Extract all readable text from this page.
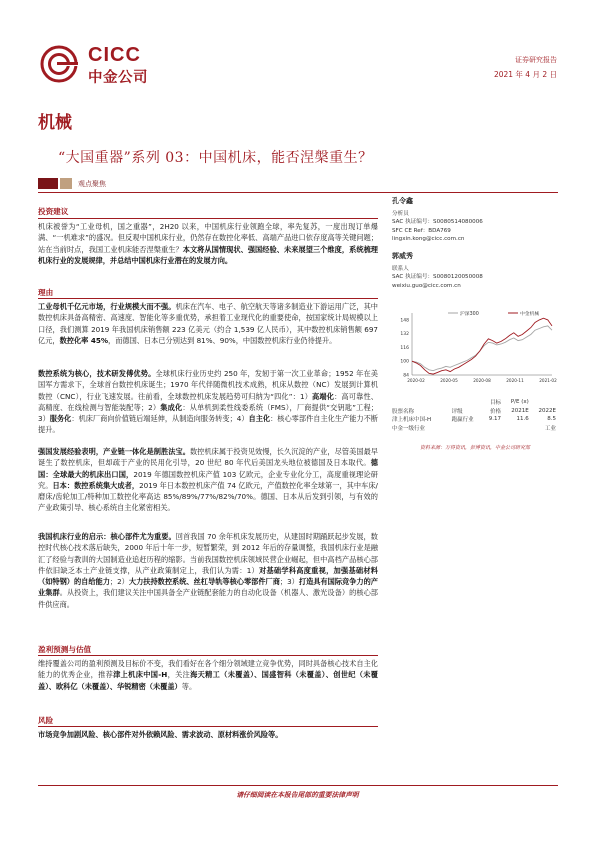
CICC
中金公司
证券研究报告
2021 年 4 月 2 日
机械
“大国重器”系列 03：中国机床，能否涅槃重生？
观点聚焦
投资建议
机床被誉为“工业母机，国之重器”，2H20 以来，中国机床行业领跑全球，率先复苏，一度出现订单爆满、“一机难求”的盛况。但反观中国机床行业，仍然存在数控化率低、高端产品进口依存度高等关键问题；站在当前时点，我国工业机床能否涅槃重生？本文将从国情现状、强国经验、未来展望三个维度，系统梳理机床行业的发展规律，并总结中国机床行业潜在的发展方向。
理由
工业母机千亿元市场，行业规模大而不强。机床在汽车、电子、航空航天等诸多制造业下游运用广泛，其中数控机床具备高精密、高速度、智能化等多重优势，承担着工业现代化的重要使命，按国家统计局规模以上口径，我们测算 2019 年我国机床销售额 223 亿美元（约合 1,539 亿人民币），其中数控机床销售额 697 亿元，数控化率 45%，而德国、日本已分别达到 81%、90%，中国数控机床行业仍待提升。
数控系统为核心，技术研发傅优势。全球机床行业历史约 250 年，发轫于第一次工业革命；1952 年在美国军方需求下，全球首台数控机床诞生；1970 年代伴随微机技术成熟，机床从数控（NC）发展到计算机数控（CNC），行业飞速发展。往前看，全球数控机床发展趋势可归纳为“四化”：1）高端化：高可靠性、高精度、在线检测与智能装配等；2）集成化：从单机到柔性线委系统（FMS），厂商提供“交钥匙”工程；3）服务化：机床厂商向价值链后端延伸，从制造向服务转变；4）自主化：核心零部件自主化生产能力不断提升。
强国发展经验表明，产业链一体化是制胜法宝。数控机床属于投资见效慢，长久沉淀的产业，尽管美国最早诞生了数控机床，但却疏于产业的民用化引导，20 世纪 80 年代后美国龙头地位被德国及日本取代。德国：全球最大的机床出口国，2019 年德国数控机床产值 103 亿欧元，企业专业化分工，高度重视理论研究。日本：数控系统集大成者，2019 年日本数控机床产值 74 亿欧元，产值数控化率全球第一，其中车床/磨床/齿轮加工/特种加工数控化率高达 85%/89%/77%/82%/70%。德国、日本从后发到引领，与有效的产业政策引导、核心系统自主化紧密相关。
我国机床行业的启示：核心部件尤为重要。回首我国 70 余年机床发展历史，从建国时期踊跃起步发展，数控时代核心技术落后缺失，2000 年后十年一步，短暂繁荣，到 2012 年后的存量调整，我国机床行业是融汇了经验与教训的大国制造业追赶历程的缩影。当前我国数控机床领域民营企业崛起，但中高档产品核心部件依旧缺乏本土产业链支撑，从产业政策制定上，我们认为需：1）对基础学科高度重视，加强基础材料（如特钢）的自给能力；2）大力扶持数控系统、丝杠导轨等核心零部件厂商；3）打造具有国际竞争力的产业集群。从投资上，我们建议关注中国具备全产业链配套能力的自动化设备（机器人、激光设备）的核心部件供应商。
盈利预测与估值
维持覆盖公司的盈利预测及目标价不变，我们看好在各个细分领域建立竞争优势，同时具备核心技术自主化能力的优秀企业，推荐津上机床中国-H，关注海天精工（未覆盖）、国盛智科（未覆盖）、创世纪（未覆盖）、欧科亿（未覆盖）、华锐精密（未覆盖）等。
风险
市场竞争加剧风险、核心部件对外依赖风险、需求波动、原材料涨价风险等。
孔令鑫
分析员
SAC 执证编号：S0080514080006
SFC CE Ref：BDA769
lingxin.kong@cicc.com.cn
郭威秀
联系人
SAC 执证编号：S0080120050008
weixiu.guo@cicc.com.cn
84
100
116
132
148
2020-02	2020-05	2020-08	2020-11	2021-02
沪深300	中金机械
			目标	P/E (x)	
股票名称		评级	价格	2021E	2022E
津上机床中国-H		跑赢行业	9.17	11.6	8.5
中金一级行业					工业
资料来源：万得资讯，彭博资讯，中金公司研究部
请仔细阅读在本报告尾部的重要法律声明
